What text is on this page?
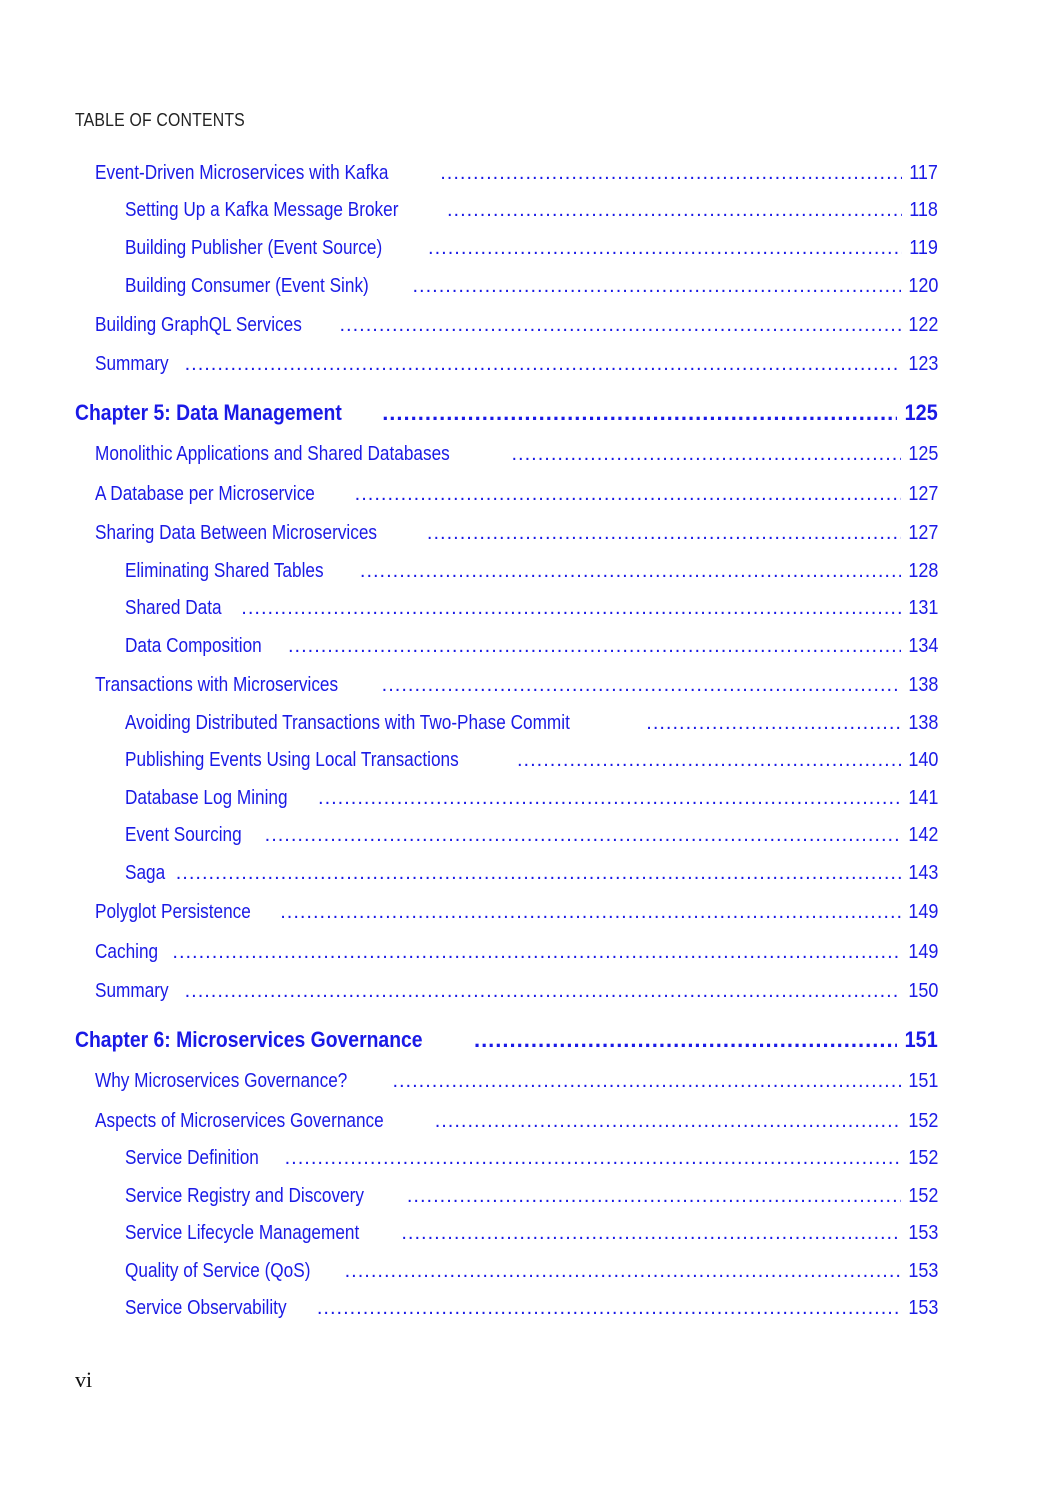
TABLE OF CONTENTS
Event-Driven Microservices with Kafka .....	117
Setting Up a Kafka Message Broker .....	118
Building Publisher (Event Source) .....	119
Building Consumer (Event Sink) .....	120
Building GraphQL Services .....	122
Summary .....	123
Chapter 5: Data Management .....	125
Monolithic Applications and Shared Databases .....	125
A Database per Microservice .....	127
Sharing Data Between Microservices .....	127
Eliminating Shared Tables .....	128
Shared Data .....	131
Data Composition .....	134
Transactions with Microservices .....	138
Avoiding Distributed Transactions with Two-Phase Commit .....	138
Publishing Events Using Local Transactions .....	140
Database Log Mining .....	141
Event Sourcing .....	142
Saga .....	143
Polyglot Persistence .....	149
Caching .....	149
Summary .....	150
Chapter 6: Microservices Governance .....	151
Why Microservices Governance? .....	151
Aspects of Microservices Governance .....	152
Service Definition .....	152
Service Registry and Discovery .....	152
Service Lifecycle Management .....	153
Quality of Service (QoS) .....	153
Service Observability .....	153
vi
